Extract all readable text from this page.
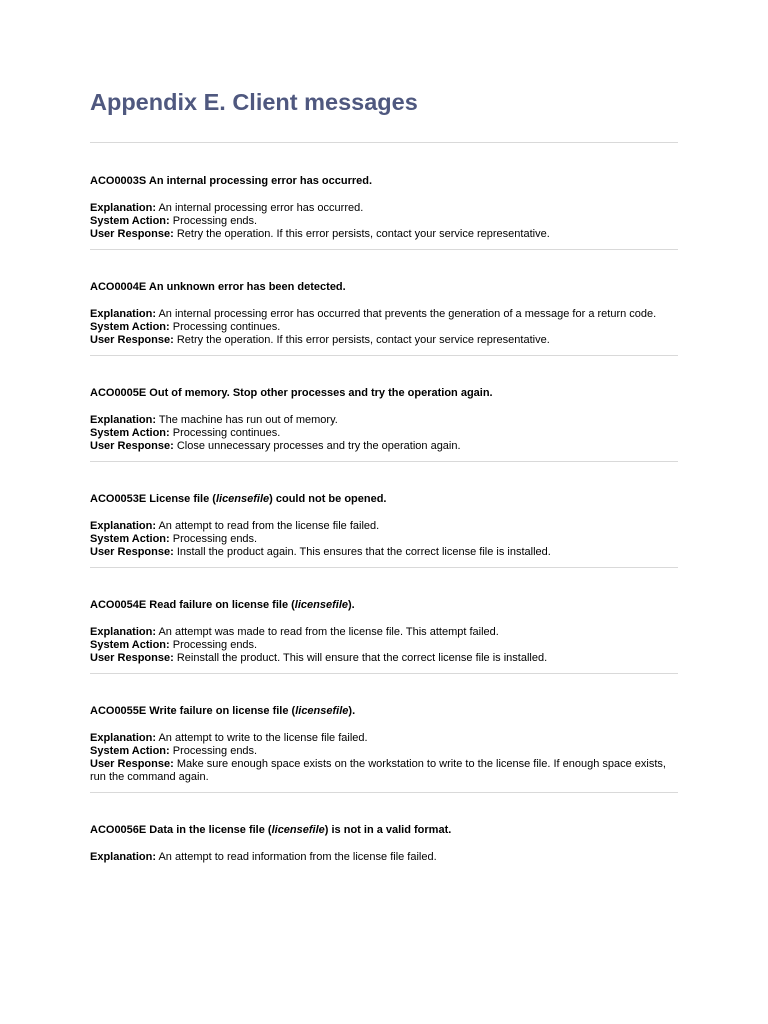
Appendix E. Client messages
ACO0003S An internal processing error has occurred.
Explanation: An internal processing error has occurred.
System Action: Processing ends.
User Response: Retry the operation. If this error persists, contact your service representative.
ACO0004E An unknown error has been detected.
Explanation: An internal processing error has occurred that prevents the generation of a message for a return code.
System Action: Processing continues.
User Response: Retry the operation. If this error persists, contact your service representative.
ACO0005E Out of memory. Stop other processes and try the operation again.
Explanation: The machine has run out of memory.
System Action: Processing continues.
User Response: Close unnecessary processes and try the operation again.
ACO0053E License file (licensefile) could not be opened.
Explanation: An attempt to read from the license file failed.
System Action: Processing ends.
User Response: Install the product again. This ensures that the correct license file is installed.
ACO0054E Read failure on license file (licensefile).
Explanation: An attempt was made to read from the license file. This attempt failed.
System Action: Processing ends.
User Response: Reinstall the product. This will ensure that the correct license file is installed.
ACO0055E Write failure on license file (licensefile).
Explanation: An attempt to write to the license file failed.
System Action: Processing ends.
User Response: Make sure enough space exists on the workstation to write to the license file. If enough space exists, run the command again.
ACO0056E Data in the license file (licensefile) is not in a valid format.
Explanation: An attempt to read information from the license file failed.
